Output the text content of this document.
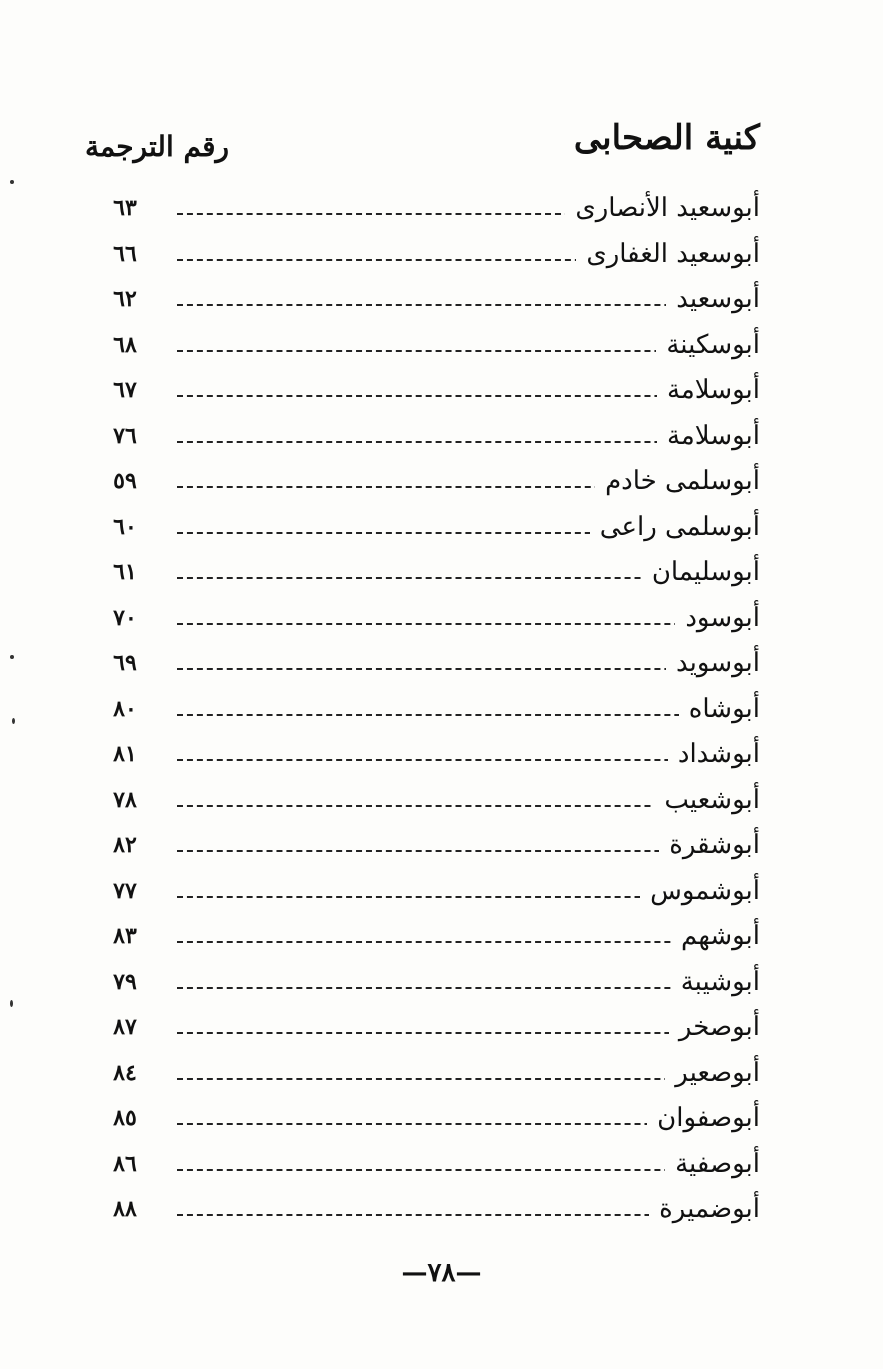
كنية الصحابى
رقم الترجمة
أبوسعيد الأنصارى
٦٣
أبوسعيد الغفارى
٦٦
أبوسعيد
٦٢
أبوسكينة
٦٨
أبوسلامة
٦٧
أبوسلامة
٧٦
أبوسلمى خادم
٥٩
أبوسلمى راعى
٦٠
أبوسليمان
٦١
أبوسود
٧٠
أبوسويد
٦٩
أبوشاه
٨٠
أبوشداد
٨١
أبوشعيب
٧٨
أبوشقرة
٨٢
أبوشموس
٧٧
أبوشهم
٨٣
أبوشيبة
٧٩
أبوصخر
٨٧
أبوصعير
٨٤
أبوصفوان
٨٥
أبوصفية
٨٦
أبوضميرة
٨٨
—٧٨—
